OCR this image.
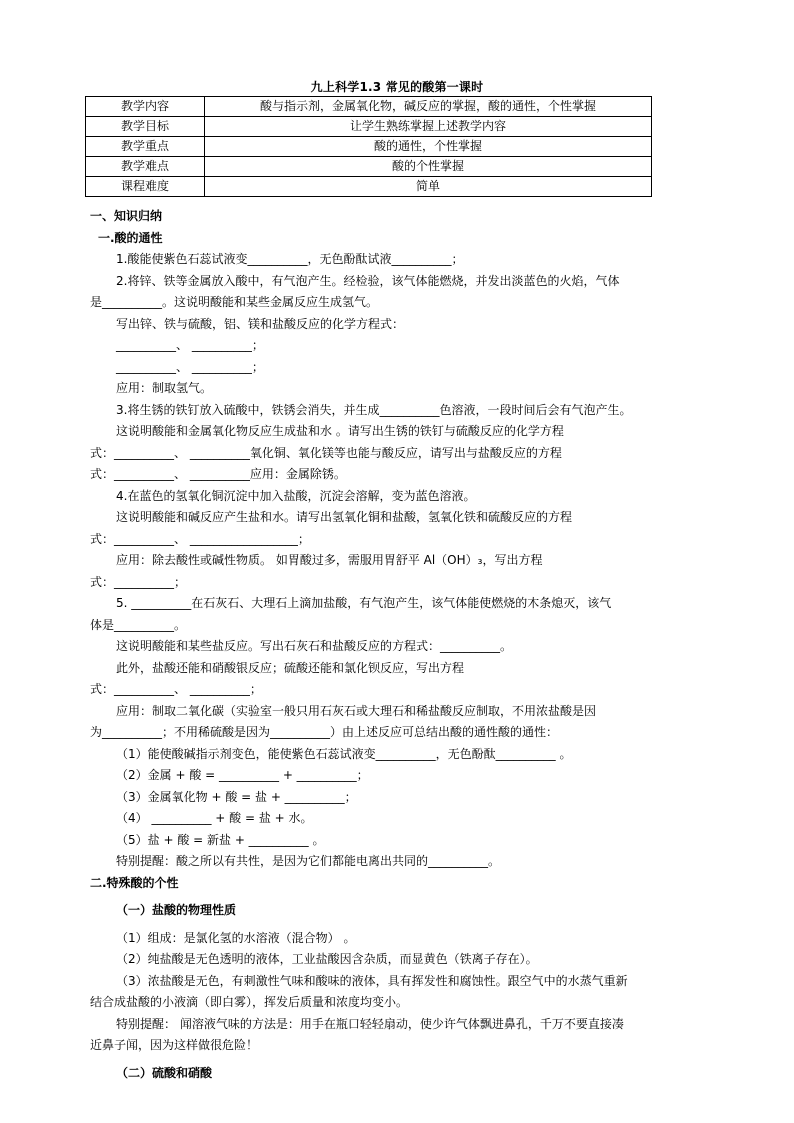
九上科学1.3 常见的酸第一课时
教学内容	酸与指示剂，金属氧化物，碱反应的掌握，酸的通性，个性掌握
教学目标	让学生熟练掌握上述教学内容
教学重点	酸的通性，个性掌握
教学难点	酸的个性掌握
课程难度	简单
一、知识归纳
一.酸的通性
1.酸能使紫色石蕊试液变__________，无色酚酞试液__________；
2.将锌、铁等金属放入酸中，有气泡产生。经检验，该气体能燃烧，并发出淡蓝色的火焰，气体
是__________。这说明酸能和某些金属反应生成氢气。
写出锌、铁与硫酸，铝、镁和盐酸反应的化学方程式：
__________、 __________；
__________、 __________；
应用：制取氢气。
3.将生锈的铁钉放入硫酸中，铁锈会消失，并生成__________色溶液，一段时间后会有气泡产生。
这说明酸能和金属氧化物反应生成盐和水 。请写出生锈的铁钉与硫酸反应的化学方程
式：__________、 __________氧化铜、氧化镁等也能与酸反应，请写出与盐酸反应的方程
式：__________、 __________应用：金属除锈。
4.在蓝色的氢氧化铜沉淀中加入盐酸，沉淀会溶解，变为蓝色溶液。
这说明酸能和碱反应产生盐和水。请写出氢氧化铜和盐酸，氢氧化铁和硫酸反应的方程
式：__________、 __________________；
应用：除去酸性或碱性物质。 如胃酸过多，需服用胃舒平 Al（OH）₃，写出方程
式：__________；
5. __________在石灰石、大理石上滴加盐酸，有气泡产生，该气体能使燃烧的木条熄灭，该气
体是__________。
这说明酸能和某些盐反应。写出石灰石和盐酸反应的方程式：__________。
此外，盐酸还能和硝酸银反应；硫酸还能和氯化钡反应，写出方程
式：__________、 __________；
应用：制取二氧化碳（实验室一般只用石灰石或大理石和稀盐酸反应制取，不用浓盐酸是因
为__________；不用稀硫酸是因为__________）由上述反应可总结出酸的通性酸的通性：
（1）能使酸碱指示剂变色，能使紫色石蕊试液变__________，无色酚酞__________ 。
（2）金属 + 酸 = __________ + __________；
（3）金属氧化物 + 酸 = 盐 + __________；
（4） __________ + 酸 = 盐 + 水。
（5）盐 + 酸 = 新盐 + __________ 。
特别提醒：酸之所以有共性，是因为它们都能电离出共同的__________。
二.特殊酸的个性
（一）盐酸的物理性质
（1）组成：是氯化氢的水溶液（混合物） 。
（2）纯盐酸是无色透明的液体，工业盐酸因含杂质，而显黄色（铁离子存在）。
（3）浓盐酸是无色，有刺激性气味和酸味的液体，具有挥发性和腐蚀性。跟空气中的水蒸气重新
结合成盐酸的小液滴（即白雾），挥发后质量和浓度均变小。
特别提醒： 闻溶液气味的方法是：用手在瓶口轻轻扇动，使少许气体飘进鼻孔，千万不要直接凑
近鼻子闻，因为这样做很危险！
（二）硫酸和硝酸
